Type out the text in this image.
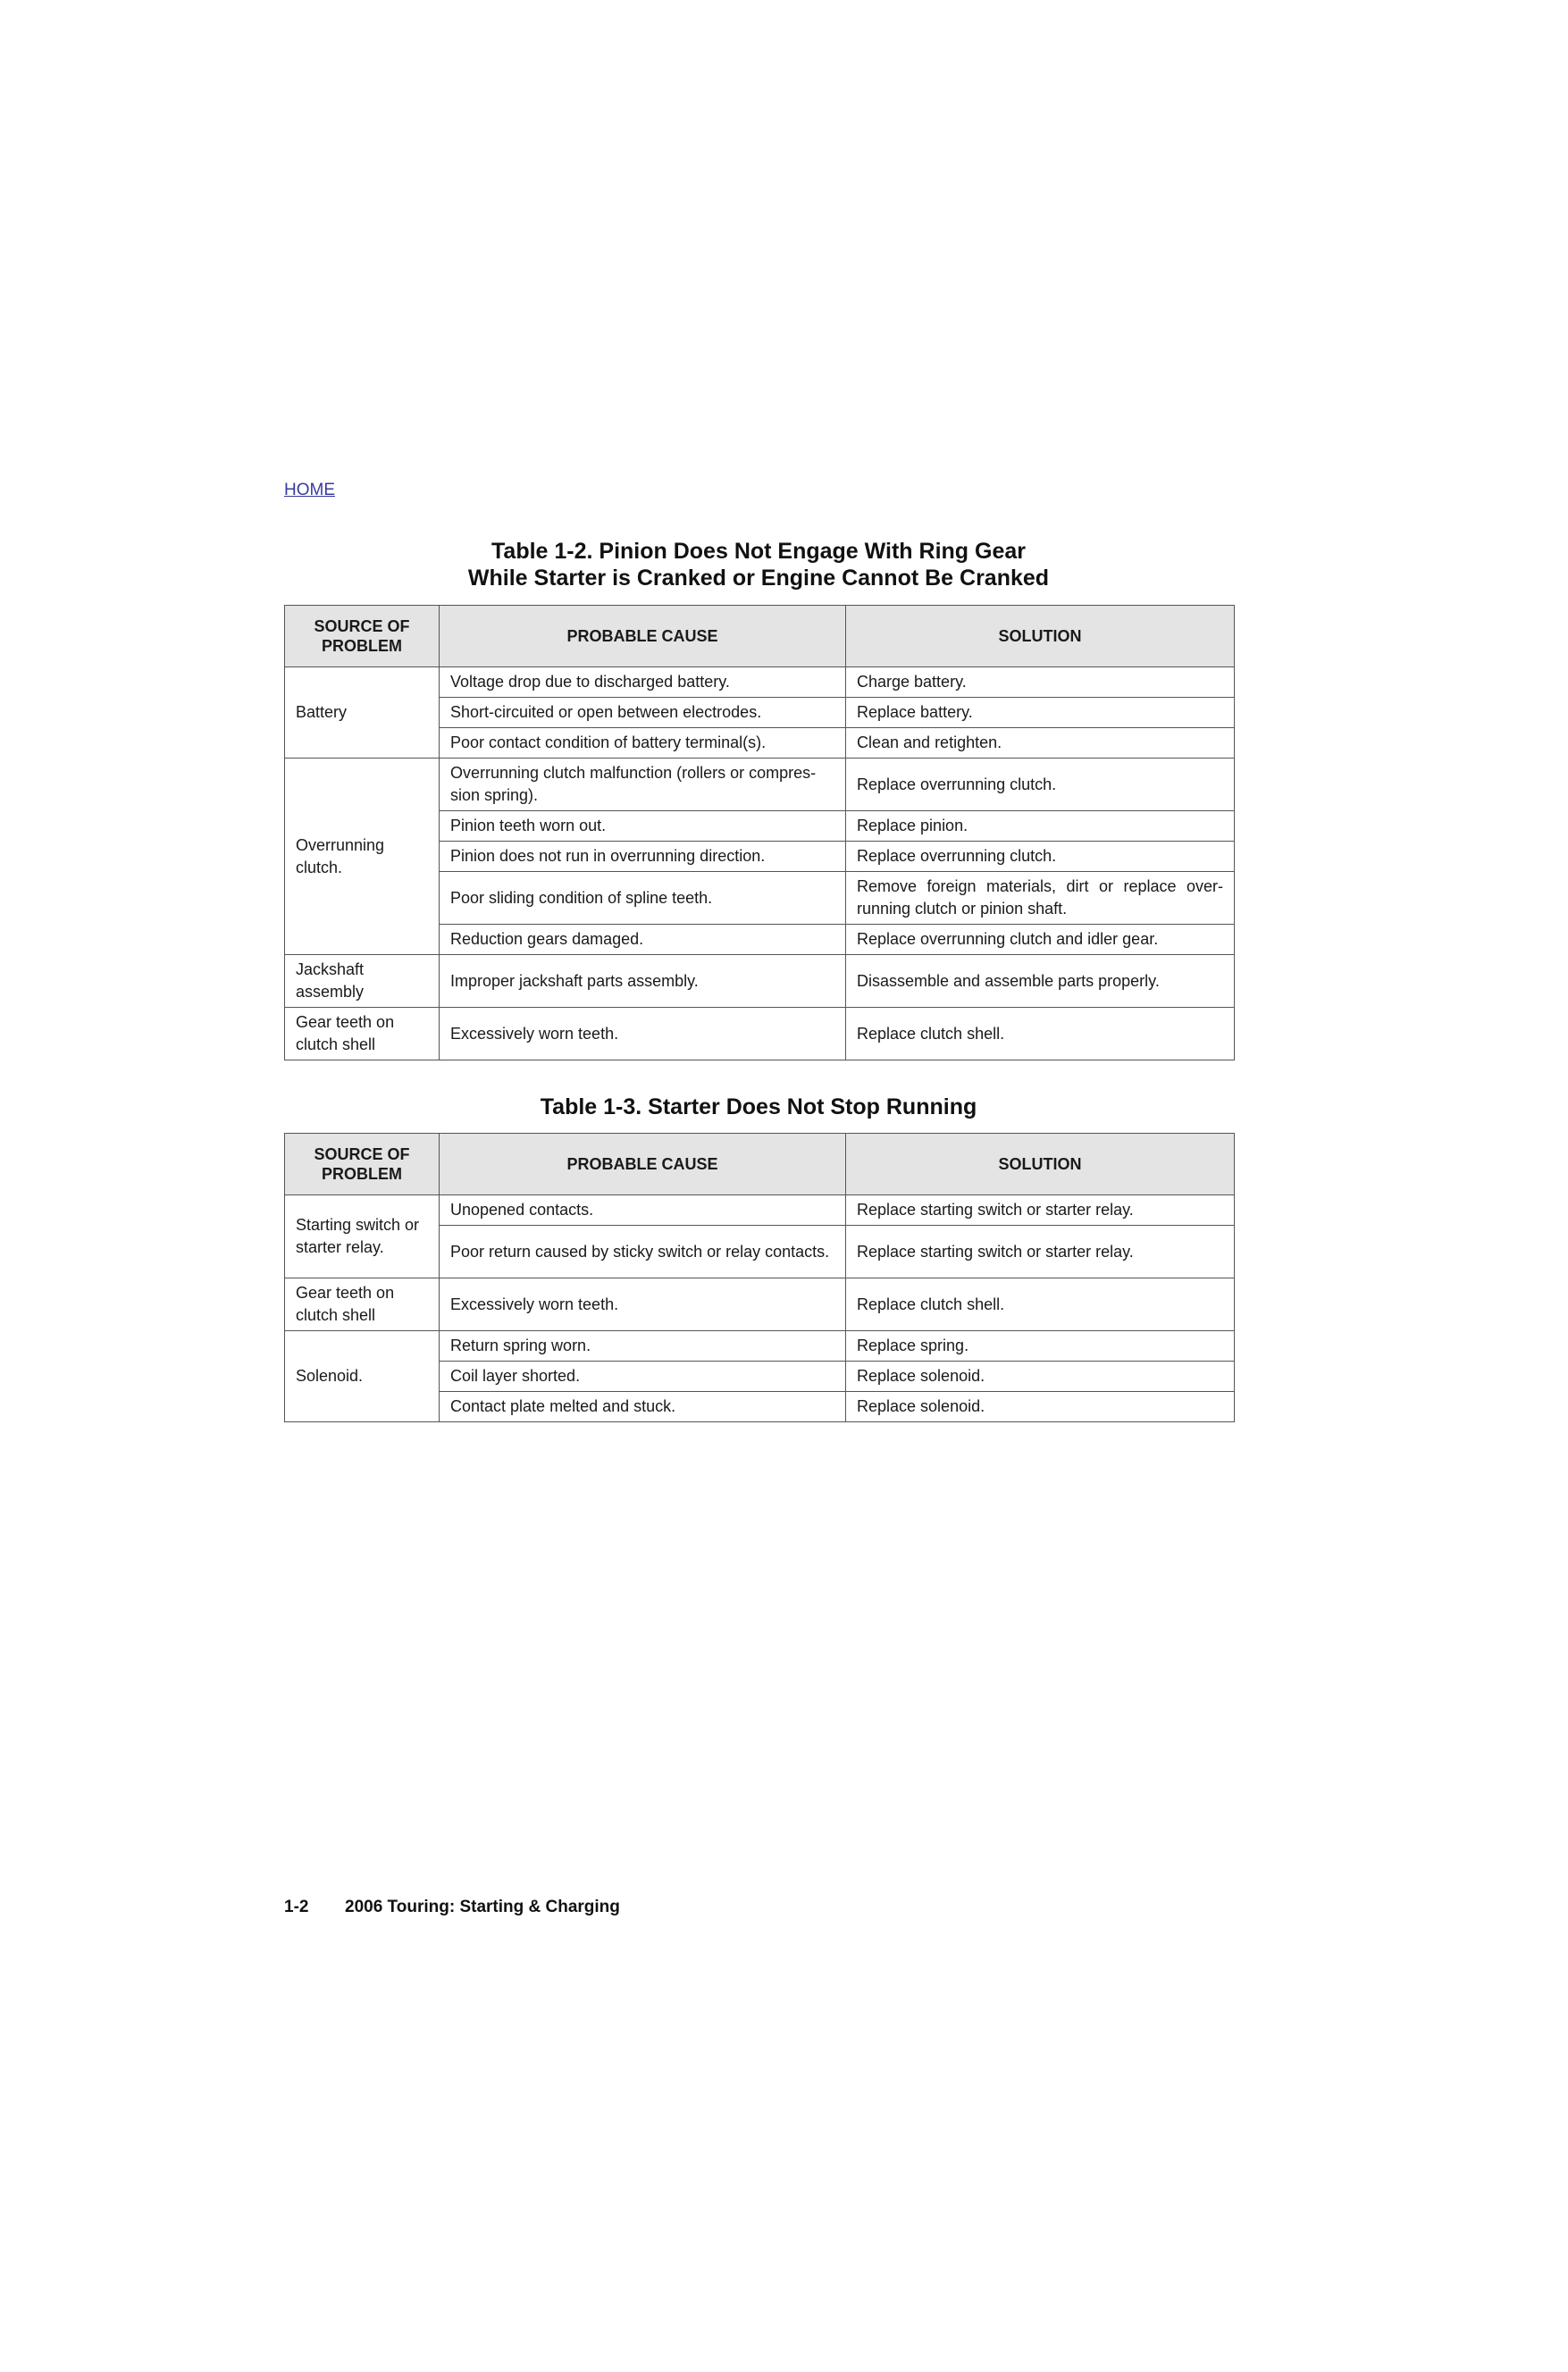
HOME
Table 1-2. Pinion Does Not Engage With Ring Gear
While Starter is Cranked or Engine Cannot Be Cranked
SOURCE OF PROBLEM	PROBABLE CAUSE	SOLUTION
Battery	Voltage drop due to discharged battery.	Charge battery.
	Short-circuited or open between electrodes.	Replace battery.
	Poor contact condition of battery terminal(s).	Clean and retighten.
Overrunning clutch.	Overrunning clutch malfunction (rollers or compres-sion spring).	Replace overrunning clutch.
	Pinion teeth worn out.	Replace pinion.
	Pinion does not run in overrunning direction.	Replace overrunning clutch.
	Poor sliding condition of spline teeth.	Remove foreign materials, dirt or replace over-running clutch or pinion shaft.
	Reduction gears damaged.	Replace overrunning clutch and idler gear.
Jackshaft assembly	Improper jackshaft parts assembly.	Disassemble and assemble parts properly.
Gear teeth on clutch shell	Excessively worn teeth.	Replace clutch shell.
Table 1-3. Starter Does Not Stop Running
SOURCE OF PROBLEM	PROBABLE CAUSE	SOLUTION
Starting switch or starter relay.	Unopened contacts.	Replace starting switch or starter relay.
	Poor return caused by sticky switch or relay contacts.	Replace starting switch or starter relay.
Gear teeth on clutch shell	Excessively worn teeth.	Replace clutch shell.
Solenoid.	Return spring worn.	Replace spring.
	Coil layer shorted.	Replace solenoid.
	Contact plate melted and stuck.	Replace solenoid.
1-2 2006 Touring: Starting & Charging
